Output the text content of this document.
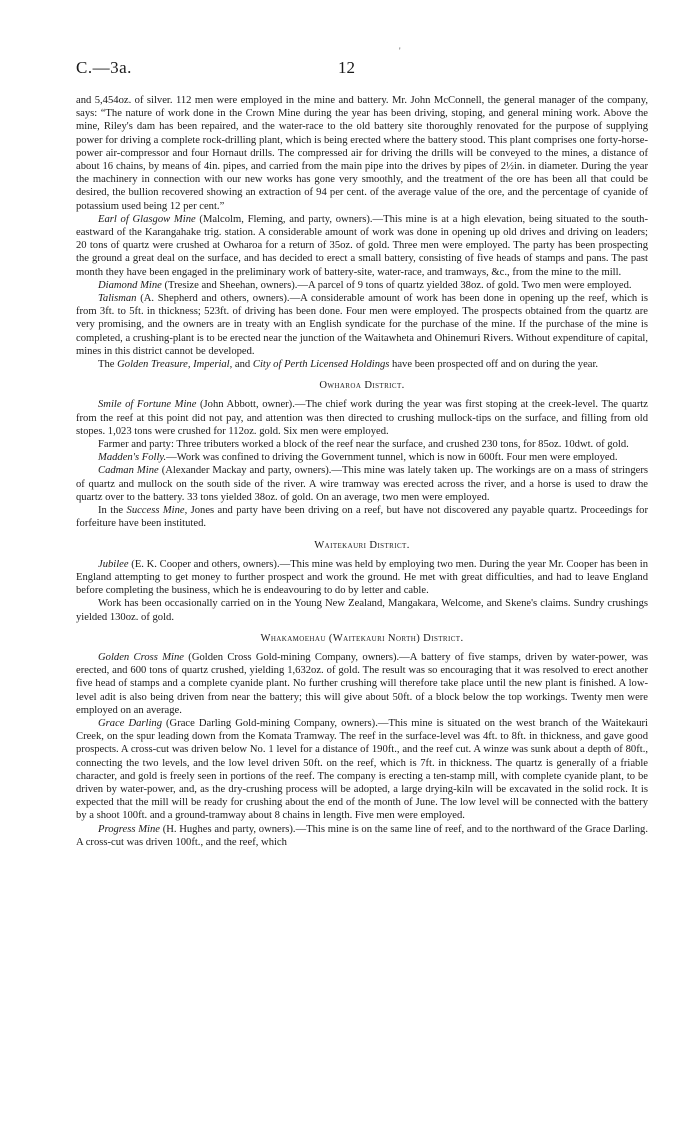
C.—3a.	12
'

and 5,454oz. of silver. 112 men were employed in the mine and battery. Mr. John McConnell, the general manager of the company, says: “The nature of work done in the Crown Mine during the year has been driving, stoping, and general mining work. Above the mine, Riley's dam has been repaired, and the water-race to the old battery site thoroughly renovated for the purpose of supplying power for driving a complete rock-drilling plant, which is being erected where the battery stood. This plant comprises one forty-horse-power air-compressor and four Hornaut drills. The compressed air for driving the drills will be conveyed to the mines, a distance of about 16 chains, by means of 4in. pipes, and carried from the main pipe into the drives by pipes of 2½in. in diameter. During the year the machinery in connection with our new works has gone very smoothly, and the treatment of the ore has been all that could be desired, the bullion recovered showing an extraction of 94 per cent. of the average value of the ore, and the percentage of cyanide of potassium used being 12 per cent.”

Earl of Glasgow Mine (Malcolm, Fleming, and party, owners).—This mine is at a high elevation, being situated to the south-eastward of the Karangahake trig. station. A considerable amount of work was done in opening up old drives and driving on leaders; 20 tons of quartz were crushed at Owharoa for a return of 35oz. of gold. Three men were employed. The party has been prospecting the ground a great deal on the surface, and has decided to erect a small battery, consisting of five heads of stamps and pans. The past month they have been engaged in the preliminary work of battery-site, water-race, and tramways, &c., from the mine to the mill.

Diamond Mine (Tresize and Sheehan, owners).—A parcel of 9 tons of quartz yielded 38oz. of gold. Two men were employed.

Talisman (A. Shepherd and others, owners).—A considerable amount of work has been done in opening up the reef, which is from 3ft. to 5ft. in thickness; 523ft. of driving has been done. Four men were employed. The prospects obtained from the quartz are very promising, and the owners are in treaty with an English syndicate for the purchase of the mine. If the purchase of the mine is completed, a crushing-plant is to be erected near the junction of the Waitawheta and Ohinemuri Rivers. Without expenditure of capital, mines in this district cannot be developed.

The Golden Treasure, Imperial, and City of Perth Licensed Holdings have been prospected off and on during the year.

Owharoa District.

Smile of Fortune Mine (John Abbott, owner).—The chief work during the year was first stoping at the creek-level. The quartz from the reef at this point did not pay, and attention was then directed to crushing mullock-tips on the surface, and filling from old stopes. 1,023 tons were crushed for 112oz. gold. Six men were employed.

Farmer and party: Three tributers worked a block of the reef near the surface, and crushed 230 tons, for 85oz. 10dwt. of gold.

Madden's Folly.—Work was confined to driving the Government tunnel, which is now in 600ft. Four men were employed.

Cadman Mine (Alexander Mackay and party, owners).—This mine was lately taken up. The workings are on a mass of stringers of quartz and mullock on the south side of the river. A wire tramway was erected across the river, and a horse is used to draw the quartz over to the battery. 33 tons yielded 38oz. of gold. On an average, two men were employed.

In the Success Mine, Jones and party have been driving on a reef, but have not discovered any payable quartz. Proceedings for forfeiture have been instituted.

Waitekauri District.

Jubilee (E. K. Cooper and others, owners).—This mine was held by employing two men. During the year Mr. Cooper has been in England attempting to get money to further prospect and work the ground. He met with great difficulties, and had to leave England before completing the business, which he is endeavouring to do by letter and cable.

Work has been occasionally carried on in the Young New Zealand, Mangakara, Welcome, and Skene's claims. Sundry crushings yielded 130oz. of gold.

Whakamoehau (Waitekauri North) District.

Golden Cross Mine (Golden Cross Gold-mining Company, owners).—A battery of five stamps, driven by water-power, was erected, and 600 tons of quartz crushed, yielding 1,632oz. of gold. The result was so encouraging that it was resolved to erect another five head of stamps and a complete cyanide plant. No further crushing will therefore take place until the new plant is finished. A low-level adit is also being driven from near the battery; this will give about 50ft. of a block below the top workings. Twenty men were employed on an average.

Grace Darling (Grace Darling Gold-mining Company, owners).—This mine is situated on the west branch of the Waitekauri Creek, on the spur leading down from the Komata Tramway. The reef in the surface-level was 4ft. to 8ft. in thickness, and gave good prospects. A cross-cut was driven below No. 1 level for a distance of 190ft., and the reef cut. A winze was sunk about a depth of 80ft., connecting the two levels, and the low level driven 50ft. on the reef, which is 7ft. in thickness. The quartz is generally of a friable character, and gold is freely seen in portions of the reef. The company is erecting a ten-stamp mill, with complete cyanide plant, to be driven by water-power, and, as the dry-crushing process will be adopted, a large drying-kiln will be excavated in the solid rock. It is expected that the mill will be ready for crushing about the end of the month of June. The low level will be connected with the battery by a shoot 100ft. and a ground-tramway about 8 chains in length. Five men were employed.

Progress Mine (H. Hughes and party, owners).—This mine is on the same line of reef, and to the northward of the Grace Darling. A cross-cut was driven 100ft., and the reef, which
